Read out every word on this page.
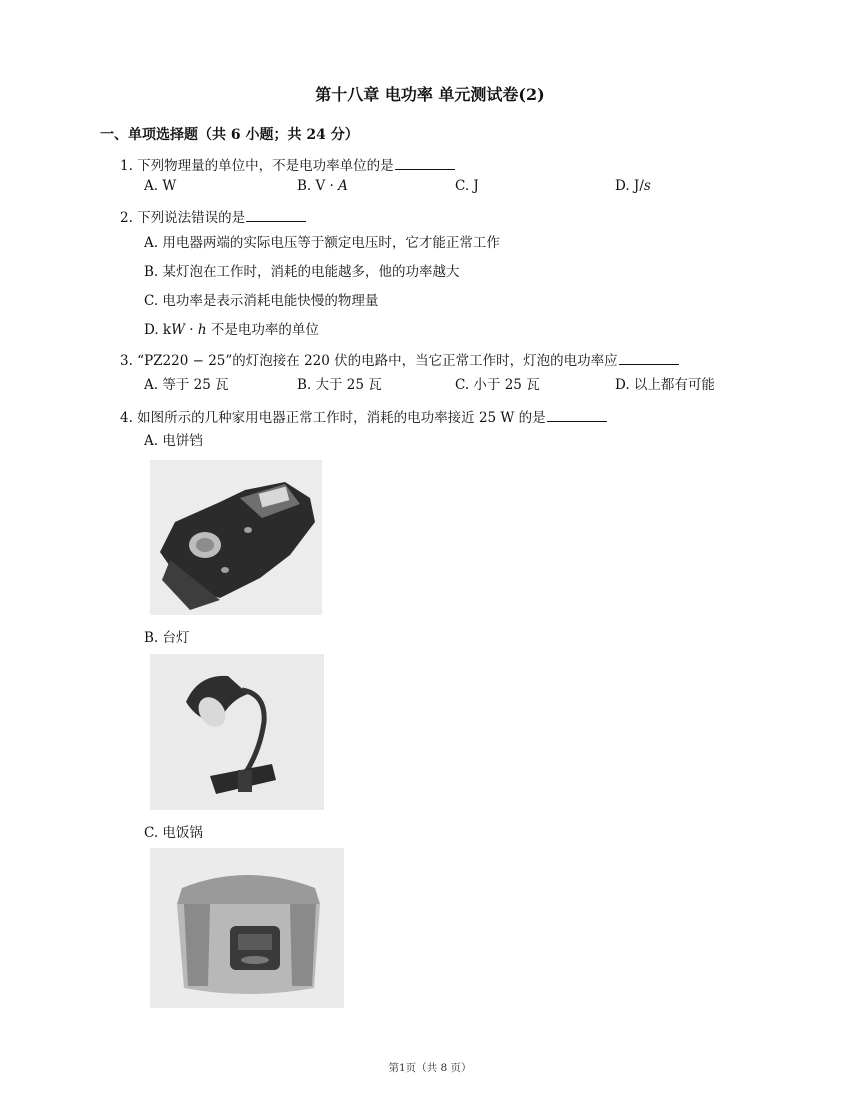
第十八章 电功率 单元测试卷(2)
一、单项选择题（共 6 小题；共 24 分）
1. 下列物理量的单位中，不是电功率单位的是
A. W	B. V · A	C. J	D. J/s
2. 下列说法错误的是
A. 用电器两端的实际电压等于额定电压时，它才能正常工作
B. 某灯泡在工作时，消耗的电能越多，他的功率越大
C. 电功率是表示消耗电能快慢的物理量
D. kW · h 不是电功率的单位
3. “PZ220 − 25”的灯泡接在 220 伏的电路中，当它正常工作时，灯泡的电功率应
A. 等于 25 瓦	B. 大于 25 瓦	C. 小于 25 瓦	D. 以上都有可能
4. 如图所示的几种家用电器正常工作时，消耗的电功率接近 25 W 的是
A. 电饼铛
B. 台灯
C. 电饭锅
第1页（共 8 页）
